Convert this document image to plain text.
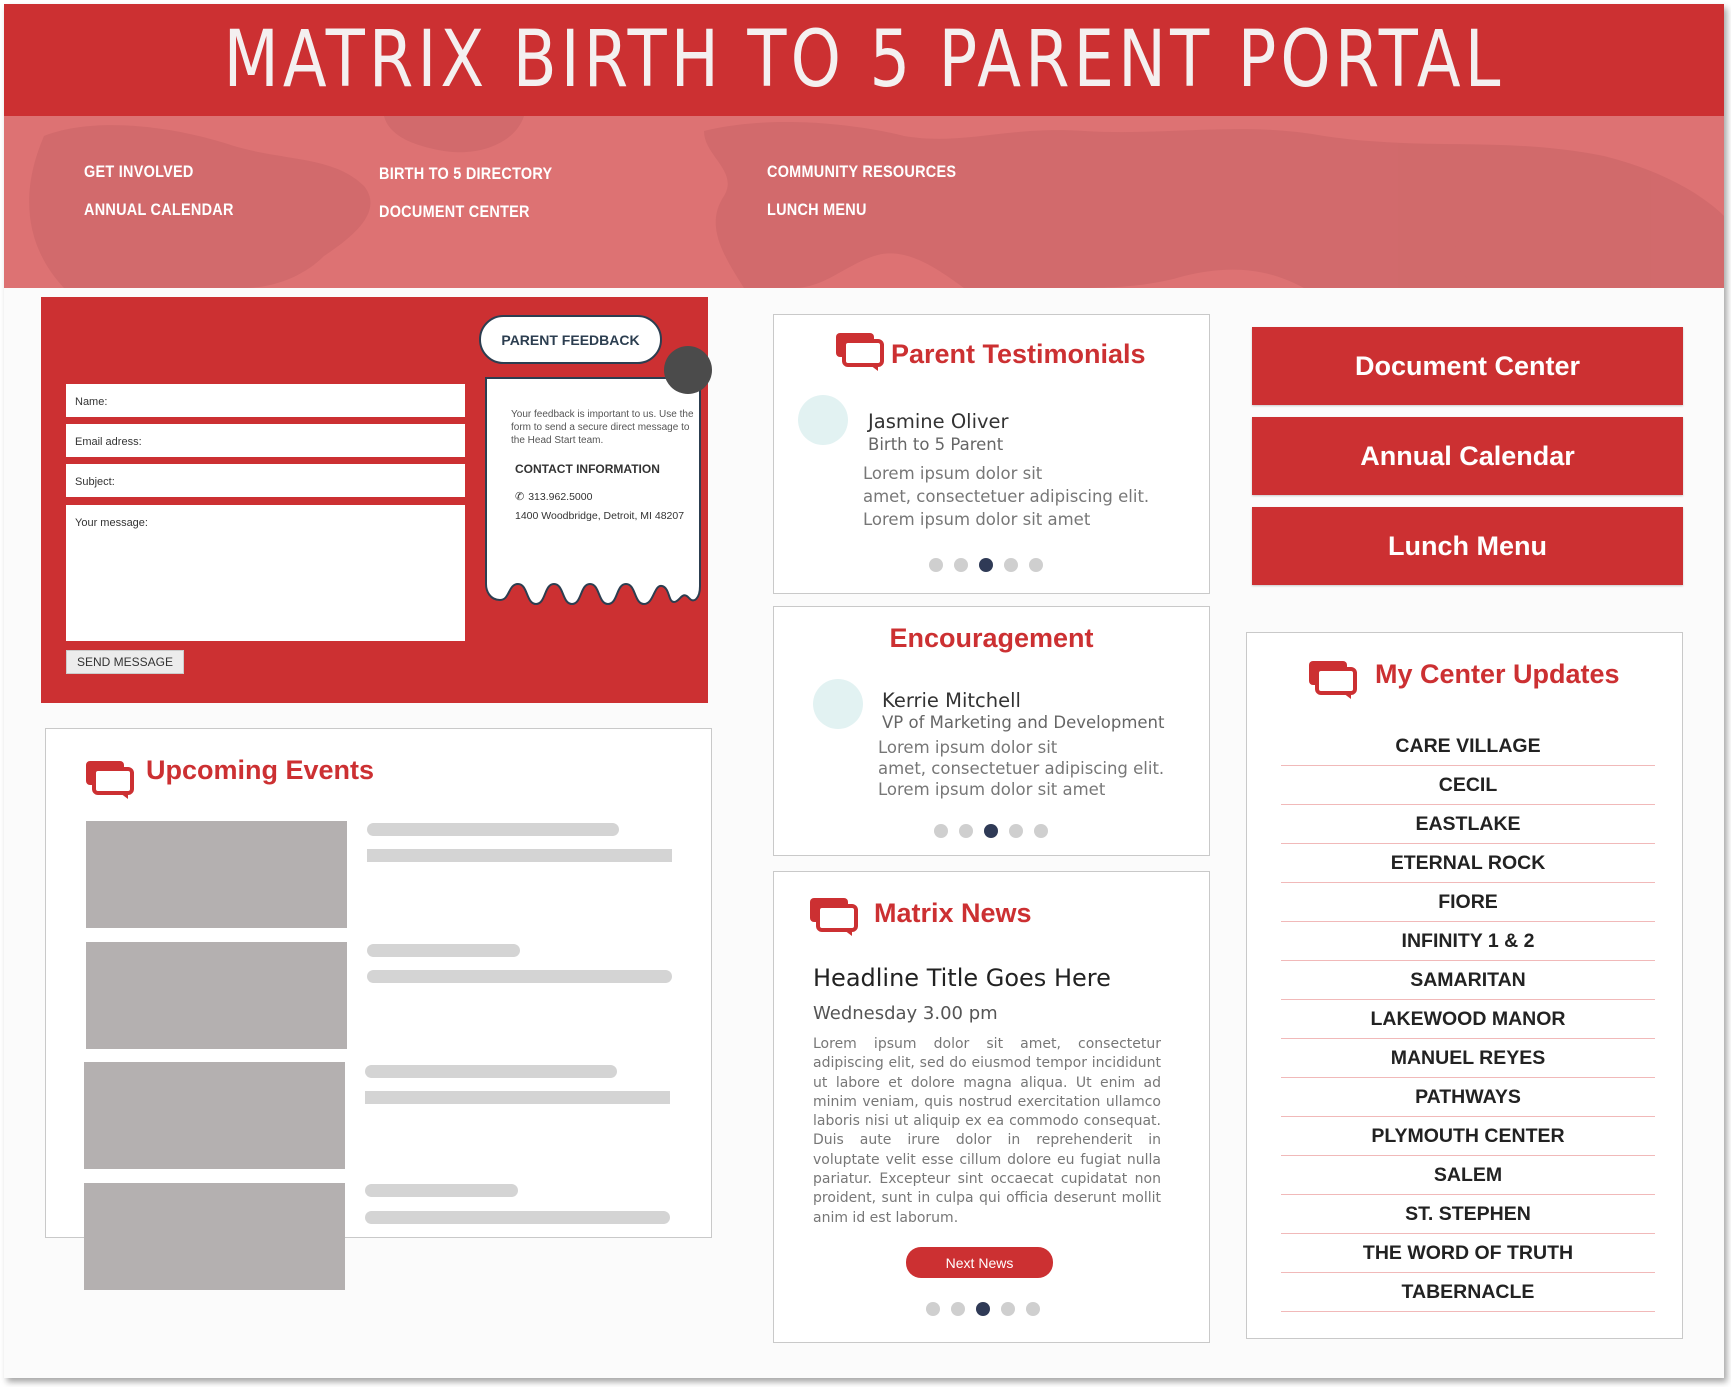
MATRIX BIRTH TO 5 PARENT PORTAL
GET INVOLVED
ANNUAL CALENDAR
BIRTH TO 5 DIRECTORY
DOCUMENT CENTER
COMMUNITY RESOURCES
LUNCH MENU
Name:
Email adress:
Subject:
Your message:
SEND MESSAGE
PARENT FEEDBACK
Your feedback is important to us. Use the form to send a secure direct message to the Head Start team.
CONTACT INFORMATION
✆ 313.962.5000
1400 Woodbridge, Detroit, MI 48207
Upcoming Events
Parent Testimonials
Jasmine Oliver
Birth to 5 Parent
Lorem ipsum dolor sit
amet, consectetuer adipiscing elit.
Lorem ipsum dolor sit amet
Encouragement
Kerrie Mitchell
VP of Marketing and Development
Lorem ipsum dolor sit
amet, consectetuer adipiscing elit.
Lorem ipsum dolor sit amet
Matrix News
Headline Title Goes Here
Wednesday 3.00 pm
Lorem ipsum dolor sit amet, consectetur adipiscing elit, sed do eiusmod tempor incididunt ut labore et dolore magna aliqua. Ut enim ad minim veniam, quis nostrud exercitation ullamco laboris nisi ut aliquip ex ea commodo consequat. Duis aute irure dolor in reprehenderit in voluptate velit esse cillum dolore eu fugiat nulla pariatur. Excepteur sint occaecat cupidatat non proident, sunt in culpa qui officia deserunt mollit anim id est laborum.
Next News
Document Center
Annual Calendar
Lunch Menu
My Center Updates
CARE VILLAGE
CECIL
EASTLAKE
ETERNAL ROCK
FIORE
INFINITY 1 & 2
SAMARITAN
LAKEWOOD MANOR
MANUEL REYES
PATHWAYS
PLYMOUTH CENTER
SALEM
ST. STEPHEN
THE WORD OF TRUTH
TABERNACLE
